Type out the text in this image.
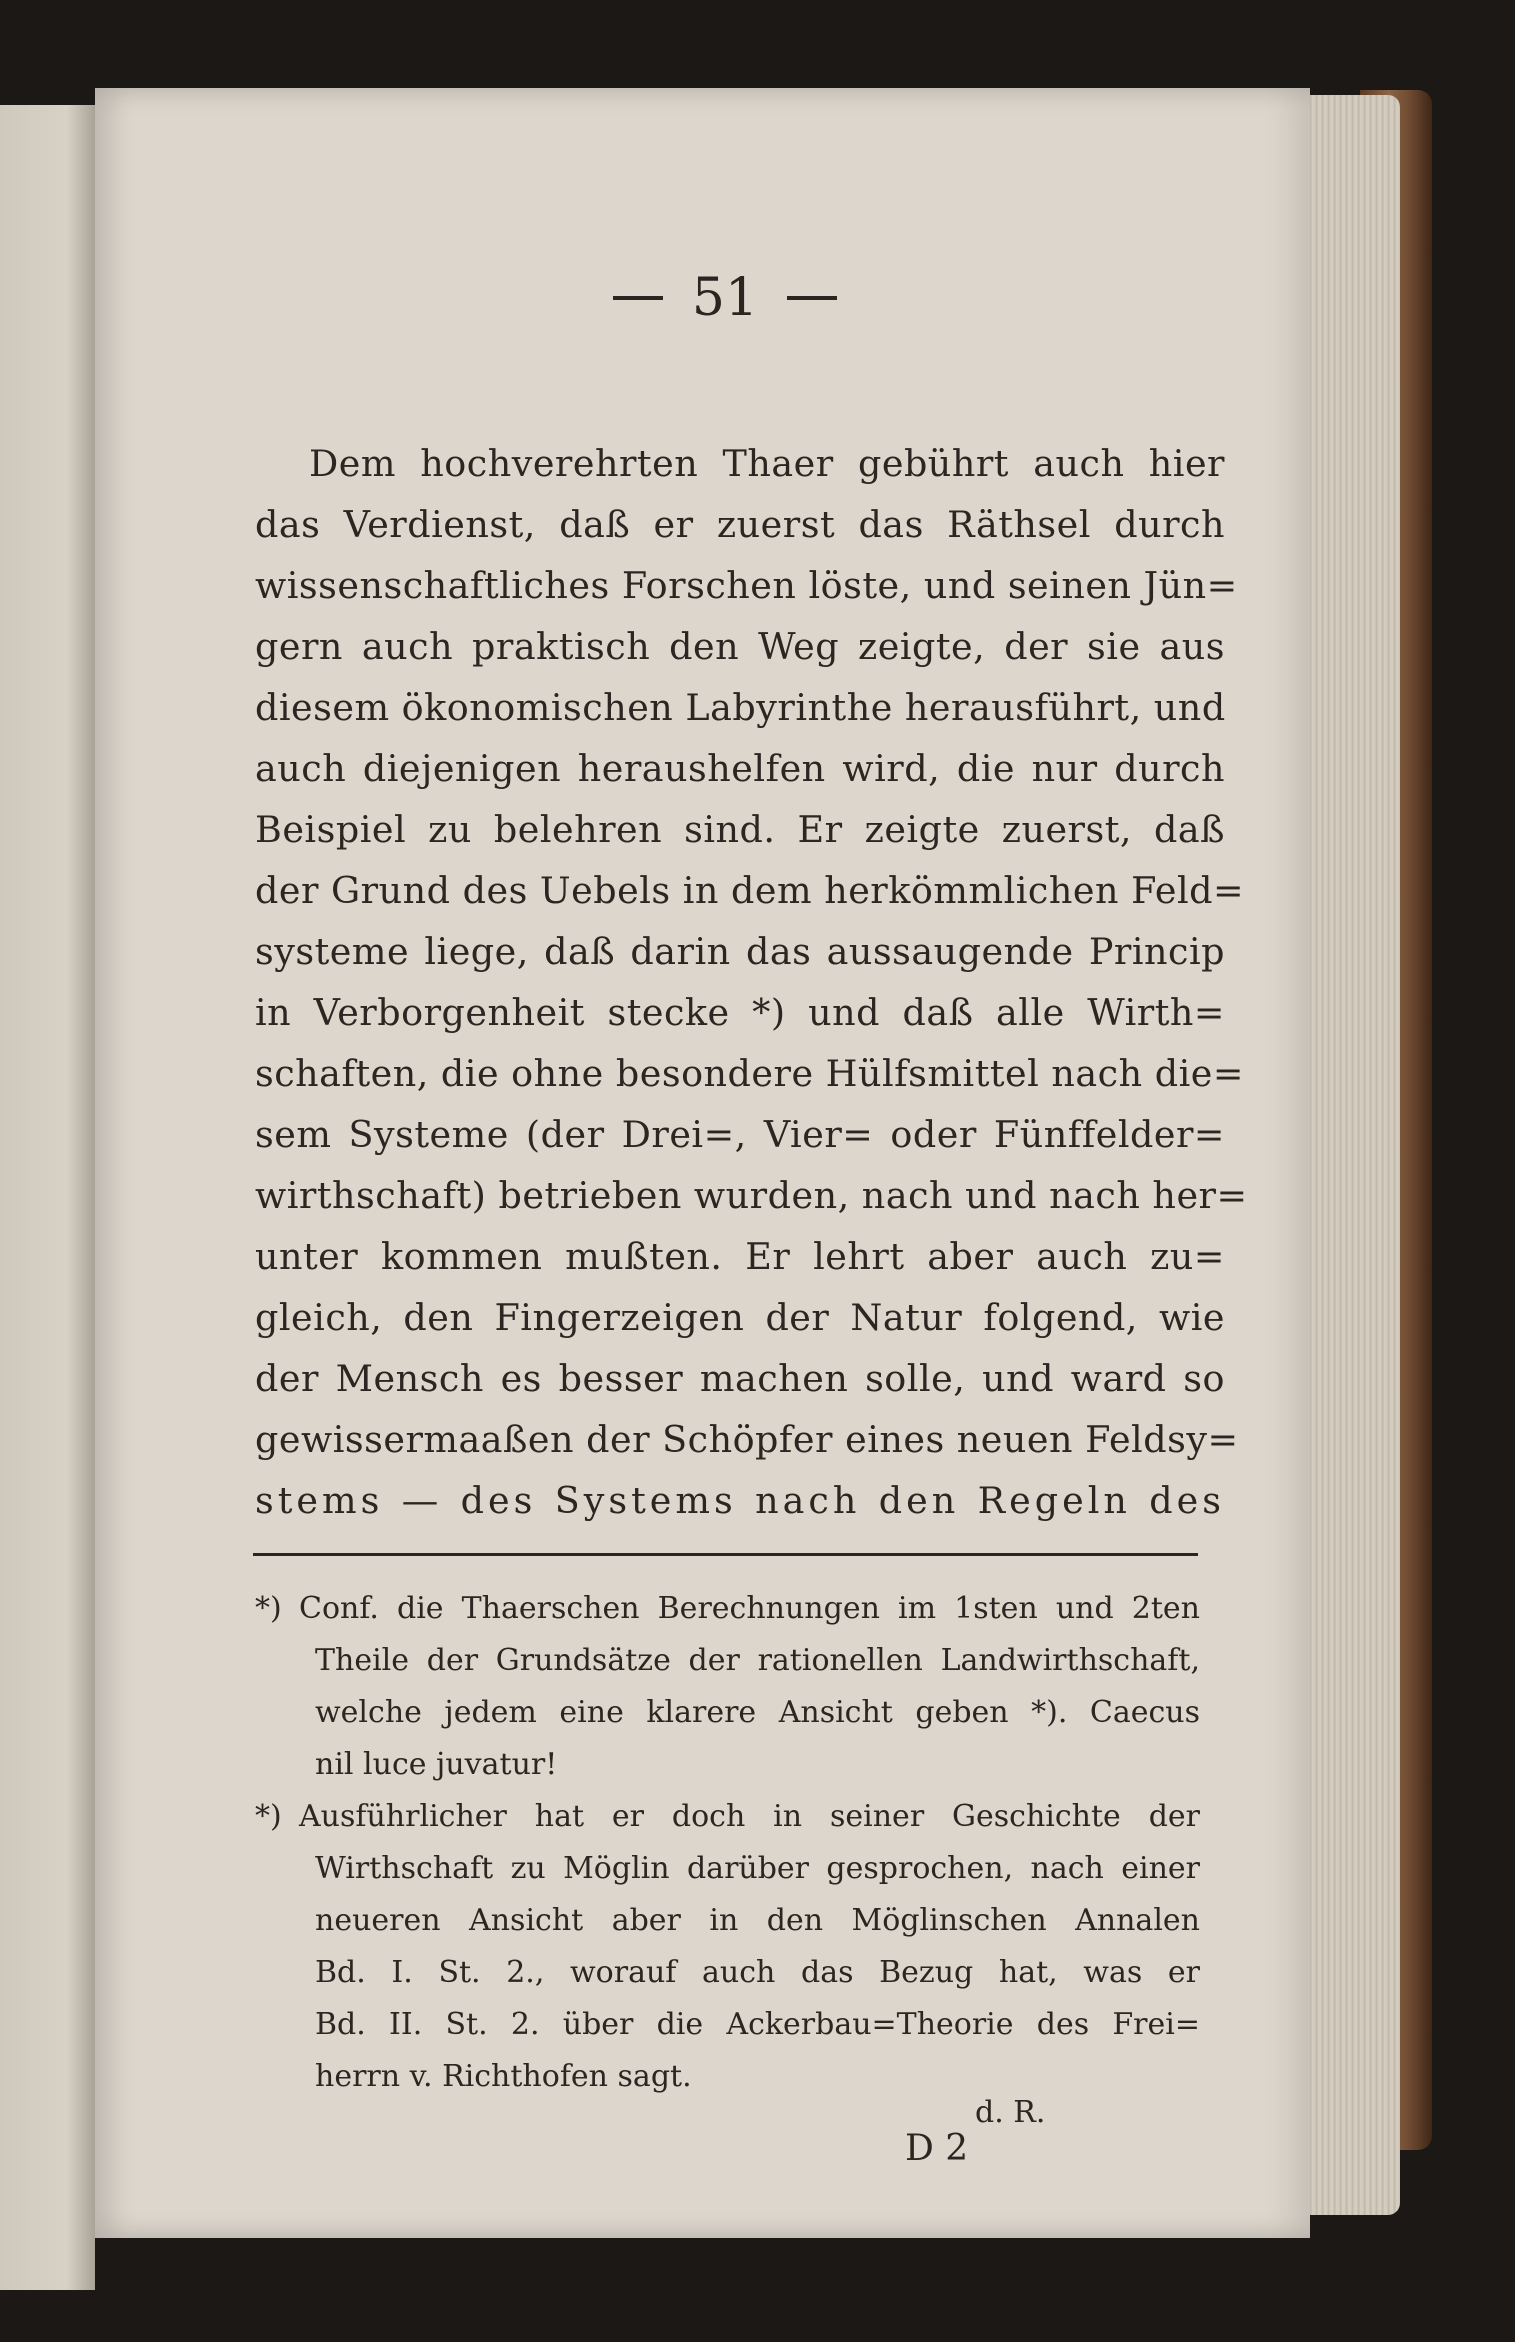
51
Dem hochverehrten Thaer gebührt auch hier
das Verdienst, daß er zuerst das Räthsel durch
wissenschaftliches Forschen löste, und seinen Jün=
gern auch praktisch den Weg zeigte, der sie aus
diesem ökonomischen Labyrinthe herausführt, und
auch diejenigen heraushelfen wird, die nur durch
Beispiel zu belehren sind. Er zeigte zuerst, daß
der Grund des Uebels in dem herkömmlichen Feld=
systeme liege, daß darin das aussaugende Princip
in Verborgenheit stecke *) und daß alle Wirth=
schaften, die ohne besondere Hülfsmittel nach die=
sem Systeme (der Drei=, Vier= oder Fünffelder=
wirthschaft) betrieben wurden, nach und nach her=
unter kommen mußten. Er lehrt aber auch zu=
gleich, den Fingerzeigen der Natur folgend, wie
der Mensch es besser machen solle, und ward so
gewissermaaßen der Schöpfer eines neuen Feldsy=
stems — des Systems nach den Regeln des
*) Conf. die Thaerschen Berechnungen im 1sten und 2ten
Theile der Grundsätze der rationellen Landwirthschaft,
welche jedem eine klarere Ansicht geben *). Caecus
nil luce juvatur!
*) Ausführlicher hat er doch in seiner Geschichte der
Wirthschaft zu Möglin darüber gesprochen, nach einer
neueren Ansicht aber in den Möglinschen Annalen
Bd. I. St. 2., worauf auch das Bezug hat, was er
Bd. II. St. 2. über die Ackerbau=Theorie des Frei=
herrn v. Richthofen sagt.
d. R.
D 2
